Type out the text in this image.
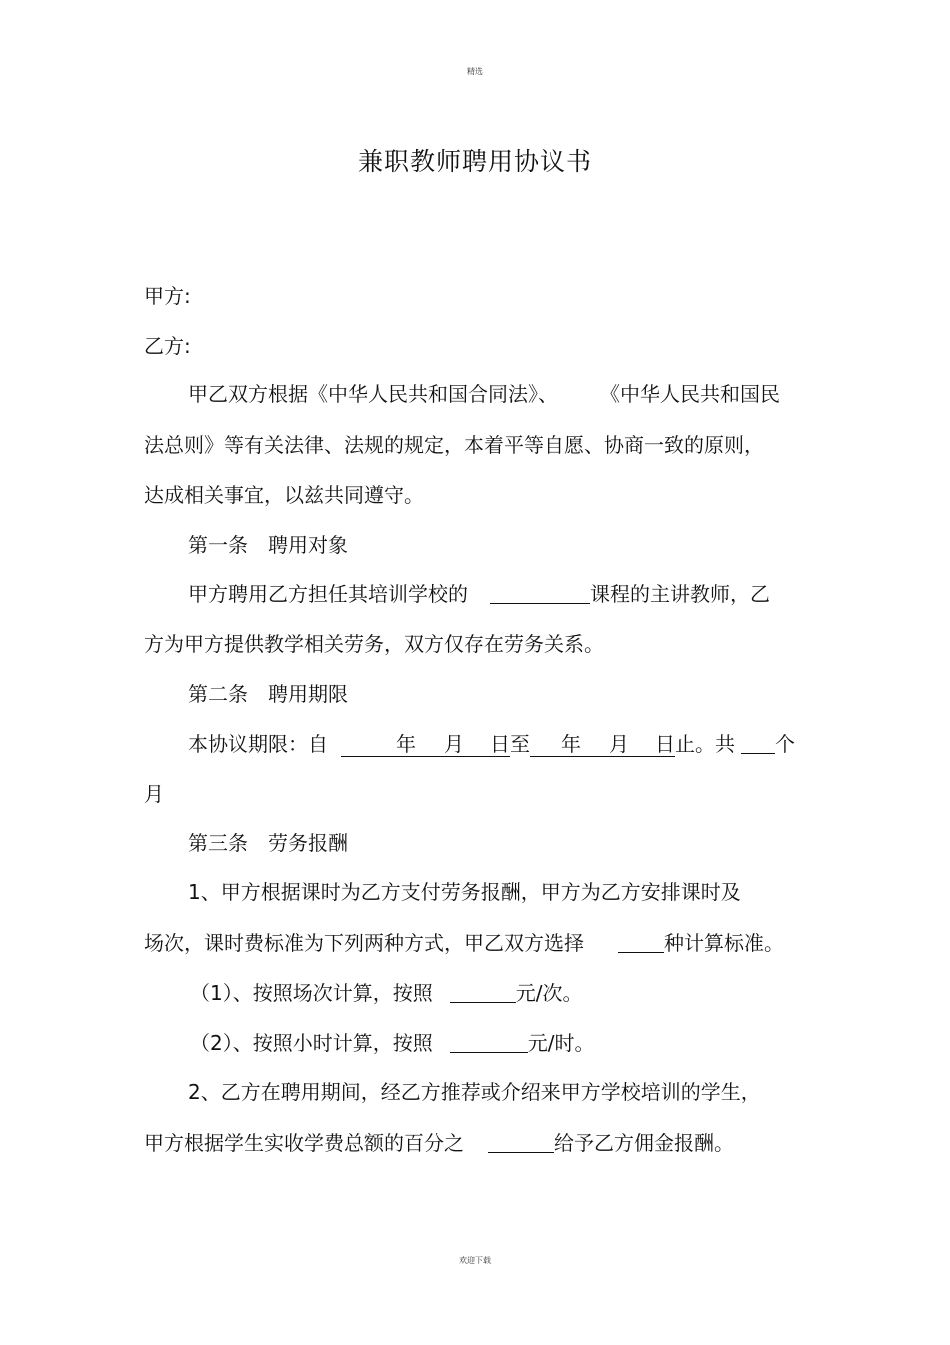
精选
兼职教师聘用协议书
甲方:
乙方:
甲乙双方根据《中华人民共和国合同法》、 《中华人民共和国民
法总则》等有关法律、法规的规定，本着平等自愿、协商一致的原则，
达成相关事宜，以兹共同遵守。
第一条　聘用对象
甲方聘用乙方担任其培训学校的	课程的主讲教师，乙
方为甲方提供教学相关劳务，双方仅存在劳务关系。
第二条　聘用期限
本协议期限：自	年 月 日至 年 月 日止。共 个
月
第三条　劳务报酬
1、甲方根据课时为乙方支付劳务报酬，甲方为乙方安排课时及
场次，课时费标准为下列两种方式，甲乙双方选择	种计算标准。
（1）、按照场次计算，按照	元/次。
（2）、按照小时计算，按照	元/时。
2、乙方在聘用期间，经乙方推荐或介绍来甲方学校培训的学生，
甲方根据学生实收学费总额的百分之	给予乙方佣金报酬。
欢迎下载
